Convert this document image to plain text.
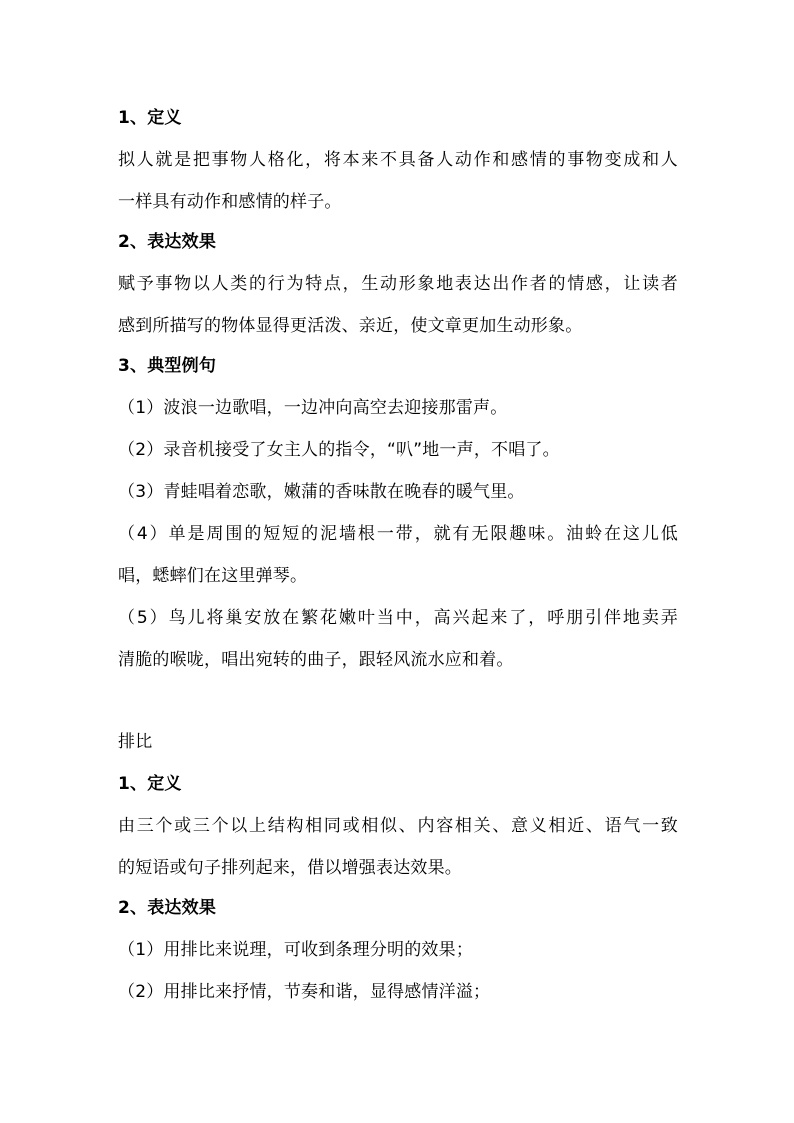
1、定义
拟人就是把事物人格化，将本来不具备人动作和感情的事物变成和人
一样具有动作和感情的样子。
2、表达效果
赋予事物以人类的行为特点，生动形象地表达出作者的情感，让读者
感到所描写的物体显得更活泼、亲近，使文章更加生动形象。
3、典型例句
（1）波浪一边歌唱，一边冲向高空去迎接那雷声。
（2）录音机接受了女主人的指令，“叭”地一声，不唱了。
（3）青蛙唱着恋歌，嫩蒲的香味散在晚春的暖气里。
（4）单是周围的短短的泥墙根一带，就有无限趣味。油蛉在这儿低
唱，蟋蟀们在这里弹琴。
（5）鸟儿将巢安放在繁花嫩叶当中，高兴起来了，呼朋引伴地卖弄
清脆的喉咙，唱出宛转的曲子，跟轻风流水应和着。
排比
1、定义
由三个或三个以上结构相同或相似、内容相关、意义相近、语气一致
的短语或句子排列起来，借以增强表达效果。
2、表达效果
（1）用排比来说理，可收到条理分明的效果；
（2）用排比来抒情，节奏和谐，显得感情洋溢；
